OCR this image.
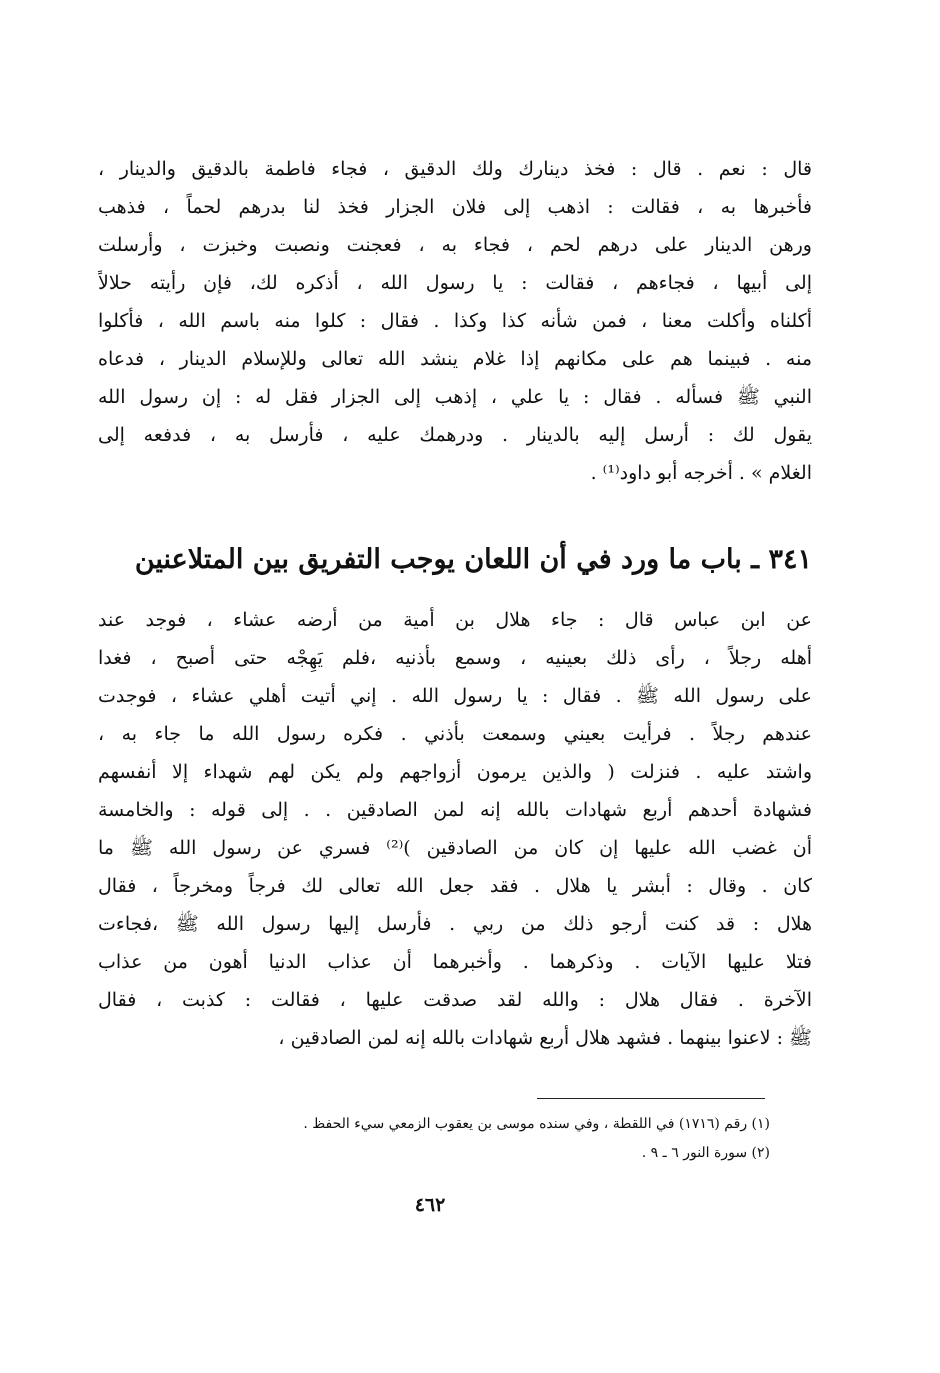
قال : نعم . قال : فخذ دينارك ولك الدقيق ، فجاء فاطمة بالدقيق والدينار ،
فأخبرها به ، فقالت : اذهب إلى فلان الجزار فخذ لنا بدرهم لحماً ، فذهب
ورهن الدينار على درهم لحم ، فجاء به ، فعجنت ونصبت وخبزت ، وأرسلت
إلى أبيها ، فجاءهم ، فقالت : يا رسول الله ، أذكره لك، فإن رأيته حلالاً
أكلناه وأكلت معنا ، فمن شأنه كذا وكذا . فقال : كلوا منه باسم الله ، فأكلوا
منه . فبينما هم على مكانهم إذا غلام ينشد الله تعالى وللإسلام الدينار ، فدعاه
النبي ﷺ فسأله . فقال : يا علي ، إذهب إلى الجزار فقل له : إن رسول الله
يقول لك : أرسل إليه بالدينار . ودرهمك عليه ، فأرسل به ، فدفعه إلى
الغلام » . أخرجه أبو داود⁽¹⁾ .
٣٤١ ـ باب ما ورد في أن اللعان يوجب التفريق بين المتلاعنين
عن ابن عباس قال : جاء هلال بن أمية من أرضه عشاء ، فوجد عند
أهله رجلاً ، رأى ذلك بعينيه ، وسمع بأذنيه ،فلم يَهِجْه حتى أصبح ، فغدا
على رسول الله ﷺ . فقال : يا رسول الله . إني أتيت أهلي عشاء ، فوجدت
عندهم رجلاً . فرأيت بعيني وسمعت بأذني . فكره رسول الله ما جاء به ،
واشتد عليه . فنزلت ( والذين يرمون أزواجهم ولم يكن لهم شهداء إلا أنفسهم
فشهادة أحدهم أربع شهادات بالله إنه لمن الصادقين . . إلى قوله : والخامسة
أن غضب الله عليها إن كان من الصادقين )⁽²⁾ فسري عن رسول الله ﷺ ما
كان . وقال : أبشر يا هلال . فقد جعل الله تعالى لك فرجاً ومخرجاً ، فقال
هلال : قد كنت أرجو ذلك من ربي . فأرسل إليها رسول الله ﷺ ،فجاءت
فتلا عليها الآيات . وذكرهما . وأخبرهما أن عذاب الدنيا أهون من عذاب
الآخرة . فقال هلال : والله لقد صدقت عليها ، فقالت : كذبت ، فقال
ﷺ : لاعنوا بينهما . فشهد هلال أربع شهادات بالله إنه لمن الصادقين ،
(١) رقم (١٧١٦) في اللقطة ، وفي سنده موسى بن يعقوب الزمعي سيء الحفظ .
(٢) سورة النور ٦ ـ ٩ .
٤٦٢
